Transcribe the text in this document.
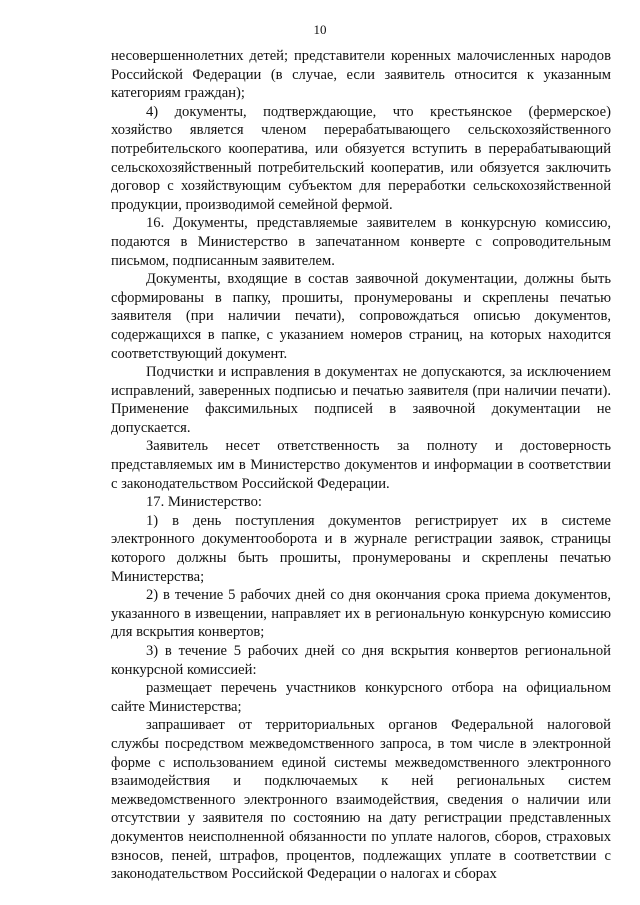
10

несовершеннолетних детей; представители коренных малочисленных народов Российской Федерации (в случае, если заявитель относится к указанным категориям граждан);

4) документы, подтверждающие, что крестьянское (фермерское) хозяйство является членом перерабатывающего сельскохозяйственного потребительского кооператива, или обязуется вступить в перерабатывающий сельскохозяйственный потребительский кооператив, или обязуется заключить договор с хозяйствующим субъектом для переработки сельскохозяйственной продукции, производимой семейной фермой.

16. Документы, представляемые заявителем в конкурсную комиссию, подаются в Министерство в запечатанном конверте с сопроводительным письмом, подписанным заявителем.

Документы, входящие в состав заявочной документации, должны быть сформированы в папку, прошиты, пронумерованы и скреплены печатью заявителя (при наличии печати), сопровождаться описью документов, содержащихся в папке, с указанием номеров страниц, на которых находится соответствующий документ.

Подчистки и исправления в документах не допускаются, за исключением исправлений, заверенных подписью и печатью заявителя (при наличии печати). Применение факсимильных подписей в заявочной документации не допускается.

Заявитель несет ответственность за полноту и достоверность представляемых им в Министерство документов и информации в соответствии с законодательством Российской Федерации.

17. Министерство:

1) в день поступления документов регистрирует их в системе электронного документооборота и в журнале регистрации заявок, страницы которого должны быть прошиты, пронумерованы и скреплены печатью Министерства;

2) в течение 5 рабочих дней со дня окончания срока приема документов, указанного в извещении, направляет их в региональную конкурсную комиссию для вскрытия конвертов;

3) в течение 5 рабочих дней со дня вскрытия конвертов региональной конкурсной комиссией:

размещает перечень участников конкурсного отбора на официальном сайте Министерства;

запрашивает от территориальных органов Федеральной налоговой службы посредством межведомственного запроса, в том числе в электронной форме с использованием единой системы межведомственного электронного взаимодействия и подключаемых к ней региональных систем межведомственного электронного взаимодействия, сведения о наличии или отсутствии у заявителя по состоянию на дату регистрации представленных документов неисполненной обязанности по уплате налогов, сборов, страховых взносов, пеней, штрафов, процентов, подлежащих уплате в соответствии с законодательством Российской Федерации о налогах и сборах
